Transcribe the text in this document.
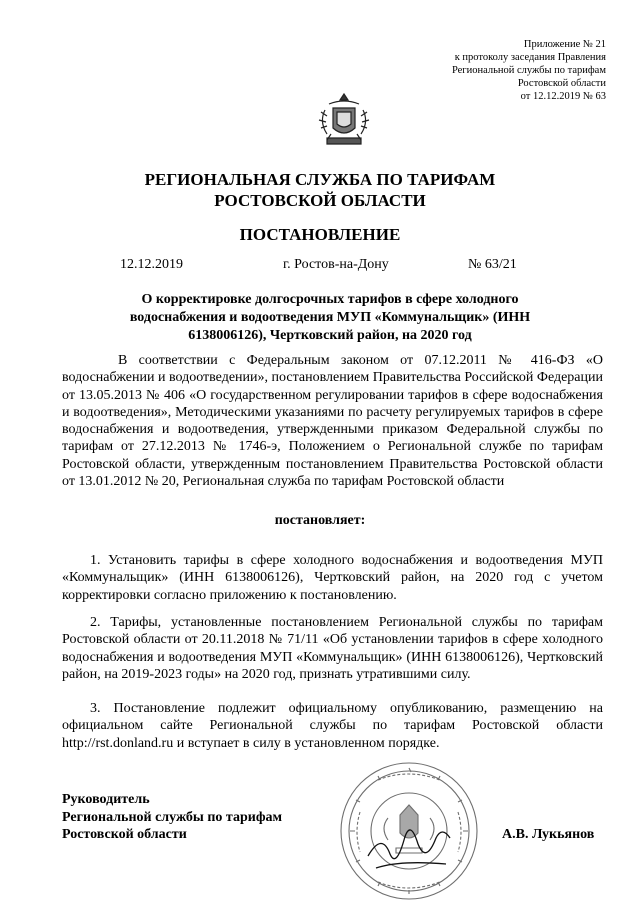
Приложение № 21
к протоколу заседания Правления
Региональной службы по тарифам
Ростовской области
от 12.12.2019 № 63
РЕГИОНАЛЬНАЯ СЛУЖБА ПО ТАРИФАМ
РОСТОВСКОЙ ОБЛАСТИ
ПОСТАНОВЛЕНИЕ
12.12.2019	г. Ростов-на-Дону	№ 63/21
О корректировке долгосрочных тарифов в сфере холодного водоснабжения и водоотведения МУП «Коммунальщик» (ИНН 6138006126), Чертковский район, на 2020 год
В соответствии с Федеральным законом от 07.12.2011 № 416-ФЗ «О водоснабжении и водоотведении», постановлением Правительства Российской Федерации от 13.05.2013 № 406 «О государственном регулировании тарифов в сфере водоснабжения и водоотведения», Методическими указаниями по расчету регулируемых тарифов в сфере водоснабжения и водоотведения, утвержденными приказом Федеральной службы по тарифам от 27.12.2013 № 1746-э, Положением о Региональной службе по тарифам Ростовской области, утвержденным постановлением Правительства Ростовской области от 13.01.2012 № 20, Региональная служба по тарифам Ростовской области
постановляет:
1. Установить тарифы в сфере холодного водоснабжения и водоотведения МУП «Коммунальщик» (ИНН 6138006126), Чертковский район, на 2020 год с учетом корректировки согласно приложению к постановлению.
2. Тарифы, установленные постановлением Региональной службы по тарифам Ростовской области от 20.11.2018 № 71/11 «Об установлении тарифов в сфере холодного водоснабжения и водоотведения МУП «Коммунальщик» (ИНН 6138006126), Чертковский район, на 2019-2023 годы» на 2020 год, признать утратившими силу.
3. Постановление подлежит официальному опубликованию, размещению на официальном сайте Региональной службы по тарифам Ростовской области http://rst.donland.ru и вступает в силу в установленном порядке.
Руководитель
Региональной службы по тарифам
Ростовской области	А.В. Лукьянов
